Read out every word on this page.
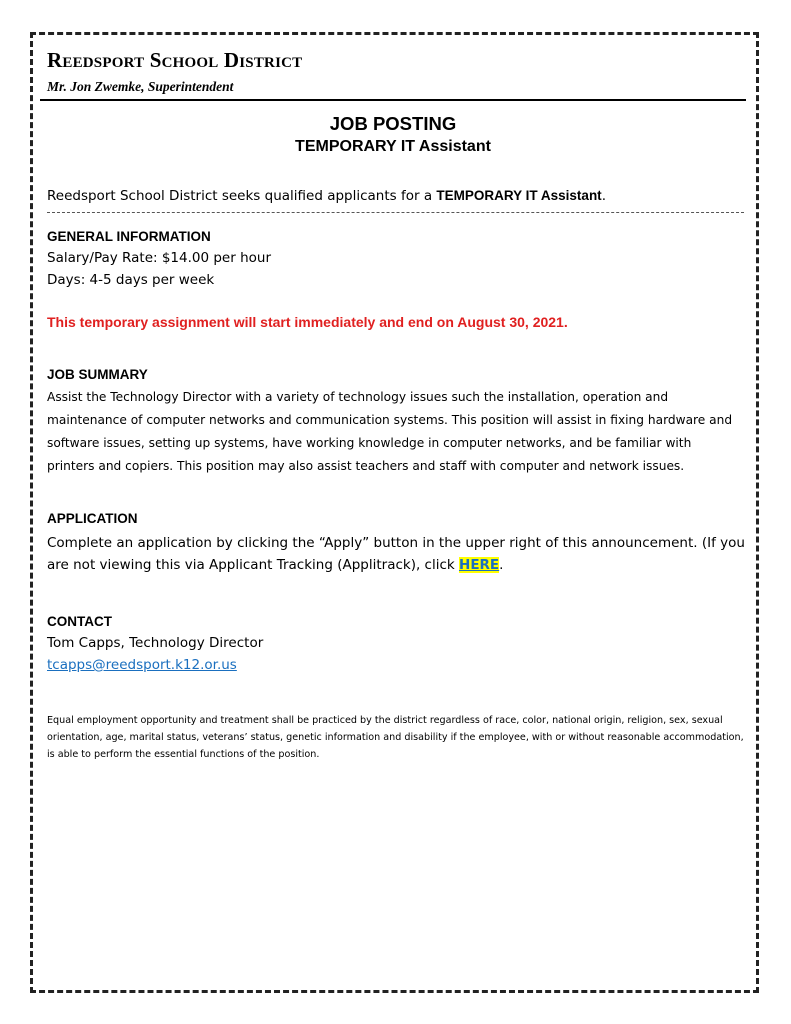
Reedsport School District
Mr. Jon Zwemke, Superintendent
JOB POSTING
TEMPORARY IT Assistant
Reedsport School District seeks qualified applicants for a TEMPORARY IT Assistant.
GENERAL INFORMATION
Salary/Pay Rate: $14.00 per hour
Days: 4-5 days per week
This temporary assignment will start immediately and end on August 30, 2021.
JOB SUMMARY
Assist the Technology Director with a variety of technology issues such the installation, operation and maintenance of computer networks and communication systems. This position will assist in fixing hardware and software issues, setting up systems, have working knowledge in computer networks, and be familiar with printers and copiers. This position may also assist teachers and staff with computer and network issues.
APPLICATION
Complete an application by clicking the “Apply” button in the upper right of this announcement. (If you are not viewing this via Applicant Tracking (Applitrack), click HERE.
CONTACT
Tom Capps, Technology Director
tcapps@reedsport.k12.or.us
Equal employment opportunity and treatment shall be practiced by the district regardless of race, color, national origin, religion, sex, sexual orientation, age, marital status, veterans’ status, genetic information and disability if the employee, with or without reasonable accommodation, is able to perform the essential functions of the position.
